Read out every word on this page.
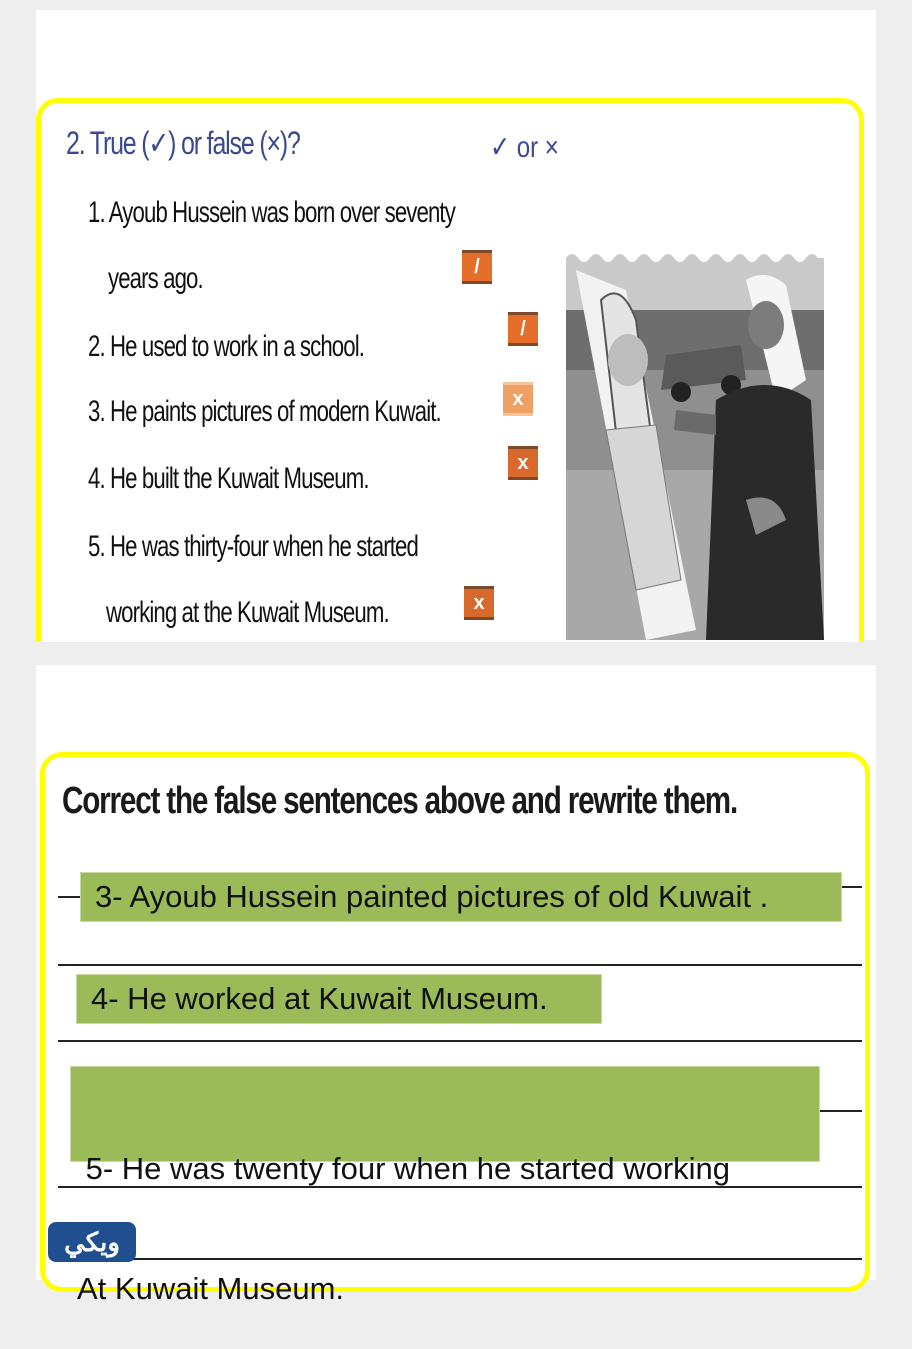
2. True (✓) or false (×)?	✓ or ×
1. Ayoub Hussein was born over seventy
years ago.
2. He used to work in a school.
3. He paints pictures of modern Kuwait.
4. He built the Kuwait Museum.
5. He was thirty-four when he started
working at the Kuwait Museum.
/
/
x
x
x
Correct the false sentences above and rewrite them.
3- Ayoub Hussein painted pictures of old Kuwait .
4- He worked at Kuwait Museum.

5- He was twenty four when he started working

At Kuwait Museum.

ويكي
